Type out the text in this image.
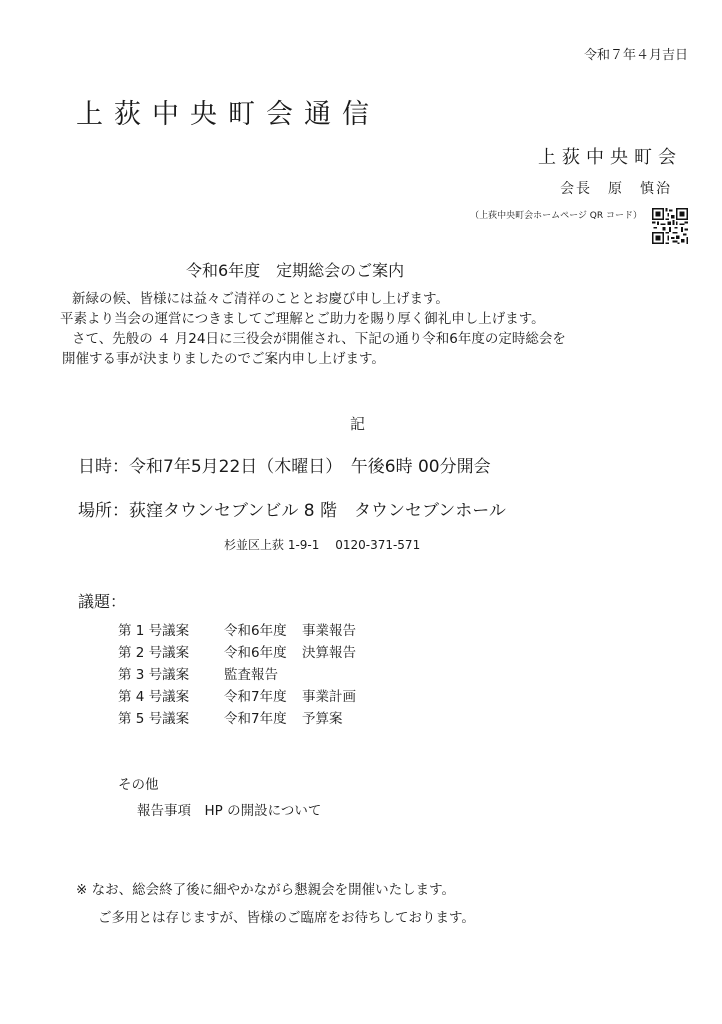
令和７年４月吉日
上荻中央町会通信
上荻中央町会
会長　原　慎治
（上荻中央町会ホームページ QR コード）
令和6年度　定期総会のご案内
新緑の候、皆様には益々ご清祥のこととお慶び申し上げます。
平素より当会の運営につきましてご理解とご助力を賜り厚く御礼申し上げます。
さて、先般の ４ 月24日に三役会が開催され、下記の通り令和6年度の定時総会を
開催する事が決まりましたのでご案内申し上げます。
記
日時：令和7年5月22日（木曜日）　午後6時 00分開会
場所：荻窪タウンセブンビル 8 階　タウンセブンホール
杉並区上荻 1-9-1　 0120-371-571
議題：
第 1 号議案	令和6年度	事業報告
第 2 号議案	令和6年度	決算報告
第 3 号議案	監査報告
第 4 号議案	令和7年度	事業計画
第 5 号議案	令和7年度	予算案
その他
報告事項　HP の開設について
※ なお、総会終了後に細やかながら懇親会を開催いたします。
ご多用とは存じますが、皆様のご臨席をお待ちしております。
